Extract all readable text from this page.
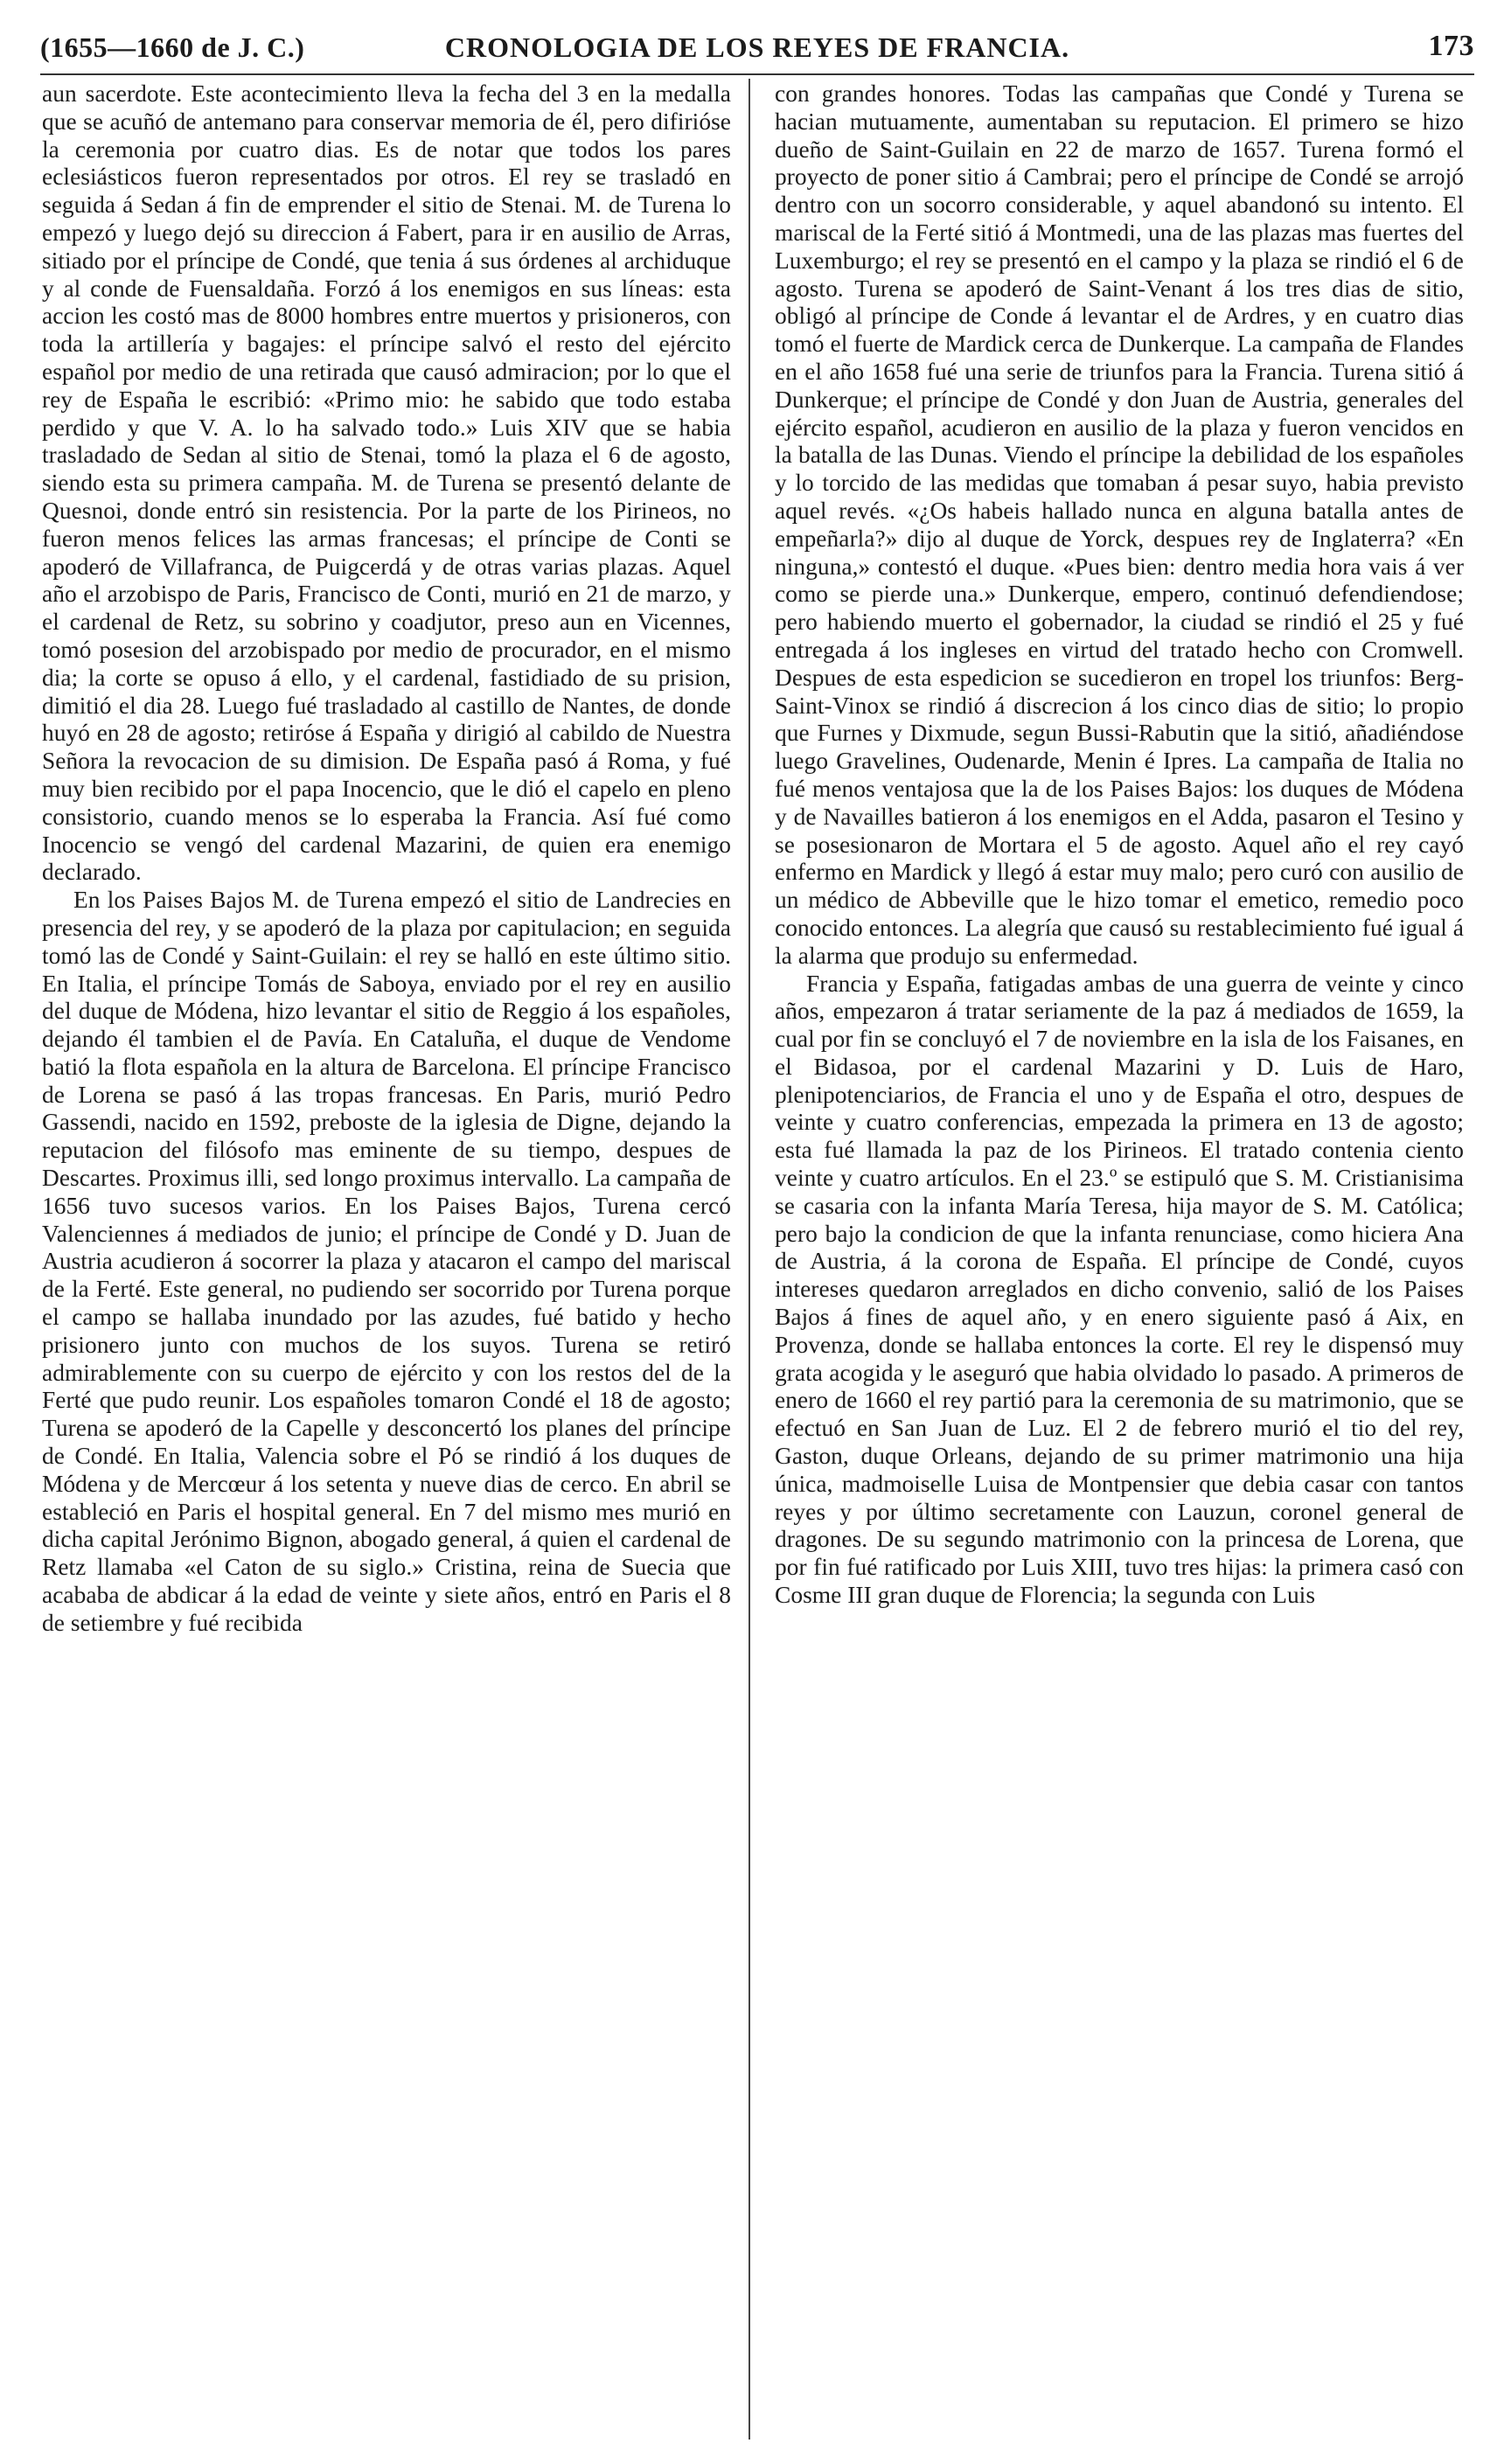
(1655—1660 de J. C.)	CRONOLOGIA DE LOS REYES DE FRANCIA.	173

aun sacerdote. Este acontecimiento lleva la fecha del 3 en la medalla que se acuñó de antemano para conservar memoria de él, pero difirióse la ceremonia por cuatro dias. Es de notar que todos los pares eclesiásticos fueron representados por otros. El rey se trasladó en seguida á Sedan á fin de emprender el sitio de Stenai. M. de Turena lo empezó y luego dejó su direccion á Fabert, para ir en ausilio de Arras, sitiado por el príncipe de Condé, que tenia á sus órdenes al archiduque y al conde de Fuensaldaña. Forzó á los enemigos en sus líneas: esta accion les costó mas de 8000 hombres entre muertos y prisioneros, con toda la artillería y bagajes: el príncipe salvó el resto del ejército español por medio de una retirada que causó admiracion; por lo que el rey de España le escribió: «Primo mio: he sabido que todo estaba perdido y que V. A. lo ha salvado todo.» Luis XIV que se habia trasladado de Sedan al sitio de Stenai, tomó la plaza el 6 de agosto, siendo esta su primera campaña. M. de Turena se presentó delante de Quesnoi, donde entró sin resistencia. Por la parte de los Pirineos, no fueron menos felices las armas francesas; el príncipe de Conti se apoderó de Villafranca, de Puigcerdá y de otras varias plazas. Aquel año el arzobispo de Paris, Francisco de Conti, murió en 21 de marzo, y el cardenal de Retz, su sobrino y coadjutor, preso aun en Vicennes, tomó posesion del arzobispado por medio de procurador, en el mismo dia; la corte se opuso á ello, y el cardenal, fastidiado de su prision, dimitió el dia 28. Luego fué trasladado al castillo de Nantes, de donde huyó en 28 de agosto; retiróse á España y dirigió al cabildo de Nuestra Señora la revocacion de su dimision. De España pasó á Roma, y fué muy bien recibido por el papa Inocencio, que le dió el capelo en pleno consistorio, cuando menos se lo esperaba la Francia. Así fué como Inocencio se vengó del cardenal Mazarini, de quien era enemigo declarado.

En los Paises Bajos M. de Turena empezó el sitio de Landrecies en presencia del rey, y se apoderó de la plaza por capitulacion; en seguida tomó las de Condé y Saint-Guilain: el rey se halló en este último sitio. En Italia, el príncipe Tomás de Saboya, enviado por el rey en ausilio del duque de Módena, hizo levantar el sitio de Reggio á los españoles, dejando él tambien el de Pavía. En Cataluña, el duque de Vendome batió la flota española en la altura de Barcelona. El príncipe Francisco de Lorena se pasó á las tropas francesas. En Paris, murió Pedro Gassendi, nacido en 1592, preboste de la iglesia de Digne, dejando la reputacion del filósofo mas eminente de su tiempo, despues de Descartes. Proximus illi, sed longo proximus intervallo. La campaña de 1656 tuvo sucesos varios. En los Paises Bajos, Turena cercó Valenciennes á mediados de junio; el príncipe de Condé y D. Juan de Austria acudieron á socorrer la plaza y atacaron el campo del mariscal de la Ferté. Este general, no pudiendo ser socorrido por Turena porque el campo se hallaba inundado por las azudes, fué batido y hecho prisionero junto con muchos de los suyos. Turena se retiró admirablemente con su cuerpo de ejército y con los restos del de la Ferté que pudo reunir. Los españoles tomaron Condé el 18 de agosto; Turena se apoderó de la Capelle y desconcertó los planes del príncipe de Condé. En Italia, Valencia sobre el Pó se rindió á los duques de Módena y de Mercœur á los setenta y nueve dias de cerco. En abril se estableció en Paris el hospital general. En 7 del mismo mes murió en dicha capital Jerónimo Bignon, abogado general, á quien el cardenal de Retz llamaba «el Caton de su siglo.» Cristina, reina de Suecia que acababa de abdicar á la edad de veinte y siete años, entró en Paris el 8 de setiembre y fué recibida

con grandes honores. Todas las campañas que Condé y Turena se hacian mutuamente, aumentaban su reputacion. El primero se hizo dueño de Saint-Guilain en 22 de marzo de 1657. Turena formó el proyecto de poner sitio á Cambrai; pero el príncipe de Condé se arrojó dentro con un socorro considerable, y aquel abandonó su intento. El mariscal de la Ferté sitió á Montmedi, una de las plazas mas fuertes del Luxemburgo; el rey se presentó en el campo y la plaza se rindió el 6 de agosto. Turena se apoderó de Saint-Venant á los tres dias de sitio, obligó al príncipe de Conde á levantar el de Ardres, y en cuatro dias tomó el fuerte de Mardick cerca de Dunkerque. La campaña de Flandes en el año 1658 fué una serie de triunfos para la Francia. Turena sitió á Dunkerque; el príncipe de Condé y don Juan de Austria, generales del ejército español, acudieron en ausilio de la plaza y fueron vencidos en la batalla de las Dunas. Viendo el príncipe la debilidad de los españoles y lo torcido de las medidas que tomaban á pesar suyo, habia previsto aquel revés. «¿Os habeis hallado nunca en alguna batalla antes de empeñarla?» dijo al duque de Yorck, despues rey de Inglaterra? «En ninguna,» contestó el duque. «Pues bien: dentro media hora vais á ver como se pierde una.» Dunkerque, empero, continuó defendiendose; pero habiendo muerto el gobernador, la ciudad se rindió el 25 y fué entregada á los ingleses en virtud del tratado hecho con Cromwell. Despues de esta espedicion se sucedieron en tropel los triunfos: Berg-Saint-Vinox se rindió á discrecion á los cinco dias de sitio; lo propio que Furnes y Dixmude, segun Bussi-Rabutin que la sitió, añadiéndose luego Gravelines, Oudenarde, Menin é Ipres. La campaña de Italia no fué menos ventajosa que la de los Paises Bajos: los duques de Módena y de Navailles batieron á los enemigos en el Adda, pasaron el Tesino y se posesionaron de Mortara el 5 de agosto. Aquel año el rey cayó enfermo en Mardick y llegó á estar muy malo; pero curó con ausilio de un médico de Abbeville que le hizo tomar el emetico, remedio poco conocido entonces. La alegría que causó su restablecimiento fué igual á la alarma que produjo su enfermedad.

Francia y España, fatigadas ambas de una guerra de veinte y cinco años, empezaron á tratar seriamente de la paz á mediados de 1659, la cual por fin se concluyó el 7 de noviembre en la isla de los Faisanes, en el Bidasoa, por el cardenal Mazarini y D. Luis de Haro, plenipotenciarios, de Francia el uno y de España el otro, despues de veinte y cuatro conferencias, empezada la primera en 13 de agosto; esta fué llamada la paz de los Pirineos. El tratado contenia ciento veinte y cuatro artículos. En el 23.º se estipuló que S. M. Cristianisima se casaria con la infanta María Teresa, hija mayor de S. M. Católica; pero bajo la condicion de que la infanta renunciase, como hiciera Ana de Austria, á la corona de España. El príncipe de Condé, cuyos intereses quedaron arreglados en dicho convenio, salió de los Paises Bajos á fines de aquel año, y en enero siguiente pasó á Aix, en Provenza, donde se hallaba entonces la corte. El rey le dispensó muy grata acogida y le aseguró que habia olvidado lo pasado. A primeros de enero de 1660 el rey partió para la ceremonia de su matrimonio, que se efectuó en San Juan de Luz. El 2 de febrero murió el tio del rey, Gaston, duque Orleans, dejando de su primer matrimonio una hija única, madmoiselle Luisa de Montpensier que debia casar con tantos reyes y por último secretamente con Lauzun, coronel general de dragones. De su segundo matrimonio con la princesa de Lorena, que por fin fué ratificado por Luis XIII, tuvo tres hijas: la primera casó con Cosme III gran duque de Florencia; la segunda con Luis
